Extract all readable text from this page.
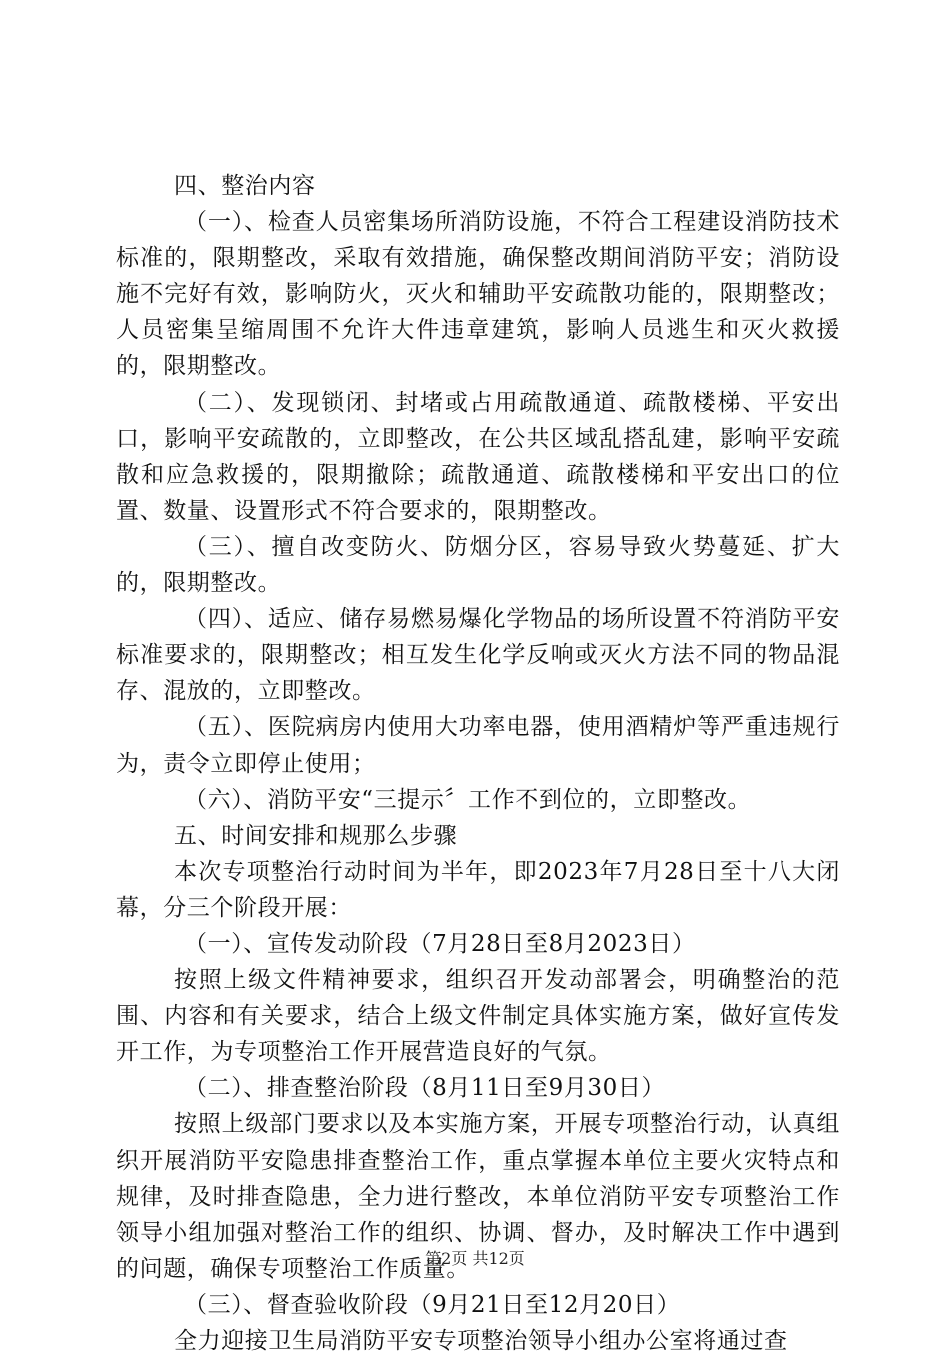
四、整治内容

（一）、检查人员密集场所消防设施，不符合工程建设消防技术标准的，限期整改，采取有效措施，确保整改期间消防平安；消防设施不完好有效，影响防火，灭火和辅助平安疏散功能的，限期整改；人员密集呈缩周围不允许大件违章建筑，影响人员逃生和灭火救援的，限期整改。

（二）、发现锁闭、封堵或占用疏散通道、疏散楼梯、平安出口，影响平安疏散的，立即整改，在公共区域乱搭乱建，影响平安疏散和应急救援的，限期撤除；疏散通道、疏散楼梯和平安出口的位置、数量、设置形式不符合要求的，限期整改。

（三）、擅自改变防火、防烟分区，容易导致火势蔓延、扩大的，限期整改。

（四）、适应、储存易燃易爆化学物品的场所设置不符消防平安标准要求的，限期整改；相互发生化学反响或灭火方法不同的物品混存、混放的，立即整改。

（五）、医院病房内使用大功率电器，使用酒精炉等严重违规行为，责令立即停止使用；

（六）、消防平安“三提示〞工作不到位的，立即整改。

五、时间安排和规那么步骤

本次专项整治行动时间为半年，即2023年7月28日至十八大闭幕，分三个阶段开展：

（一）、宣传发动阶段（7月28日至8月2023日）

按照上级文件精神要求，组织召开发动部署会，明确整治的范围、内容和有关要求，结合上级文件制定具体实施方案，做好宣传发开工作，为专项整治工作开展营造良好的气氛。

（二）、排查整治阶段（8月11日至9月30日）

按照上级部门要求以及本实施方案，开展专项整治行动，认真组织开展消防平安隐患排查整治工作，重点掌握本单位主要火灾特点和规律，及时排查隐患，全力进行整改，本单位消防平安专项整治工作领导小组加强对整治工作的组织、协调、督办，及时解决工作中遇到的问题，确保专项整治工作质量。

（三）、督查验收阶段（9月21日至12月20日）

全力迎接卫生局消防平安专项整治领导小组办公室将通过查

第2页 共12页
